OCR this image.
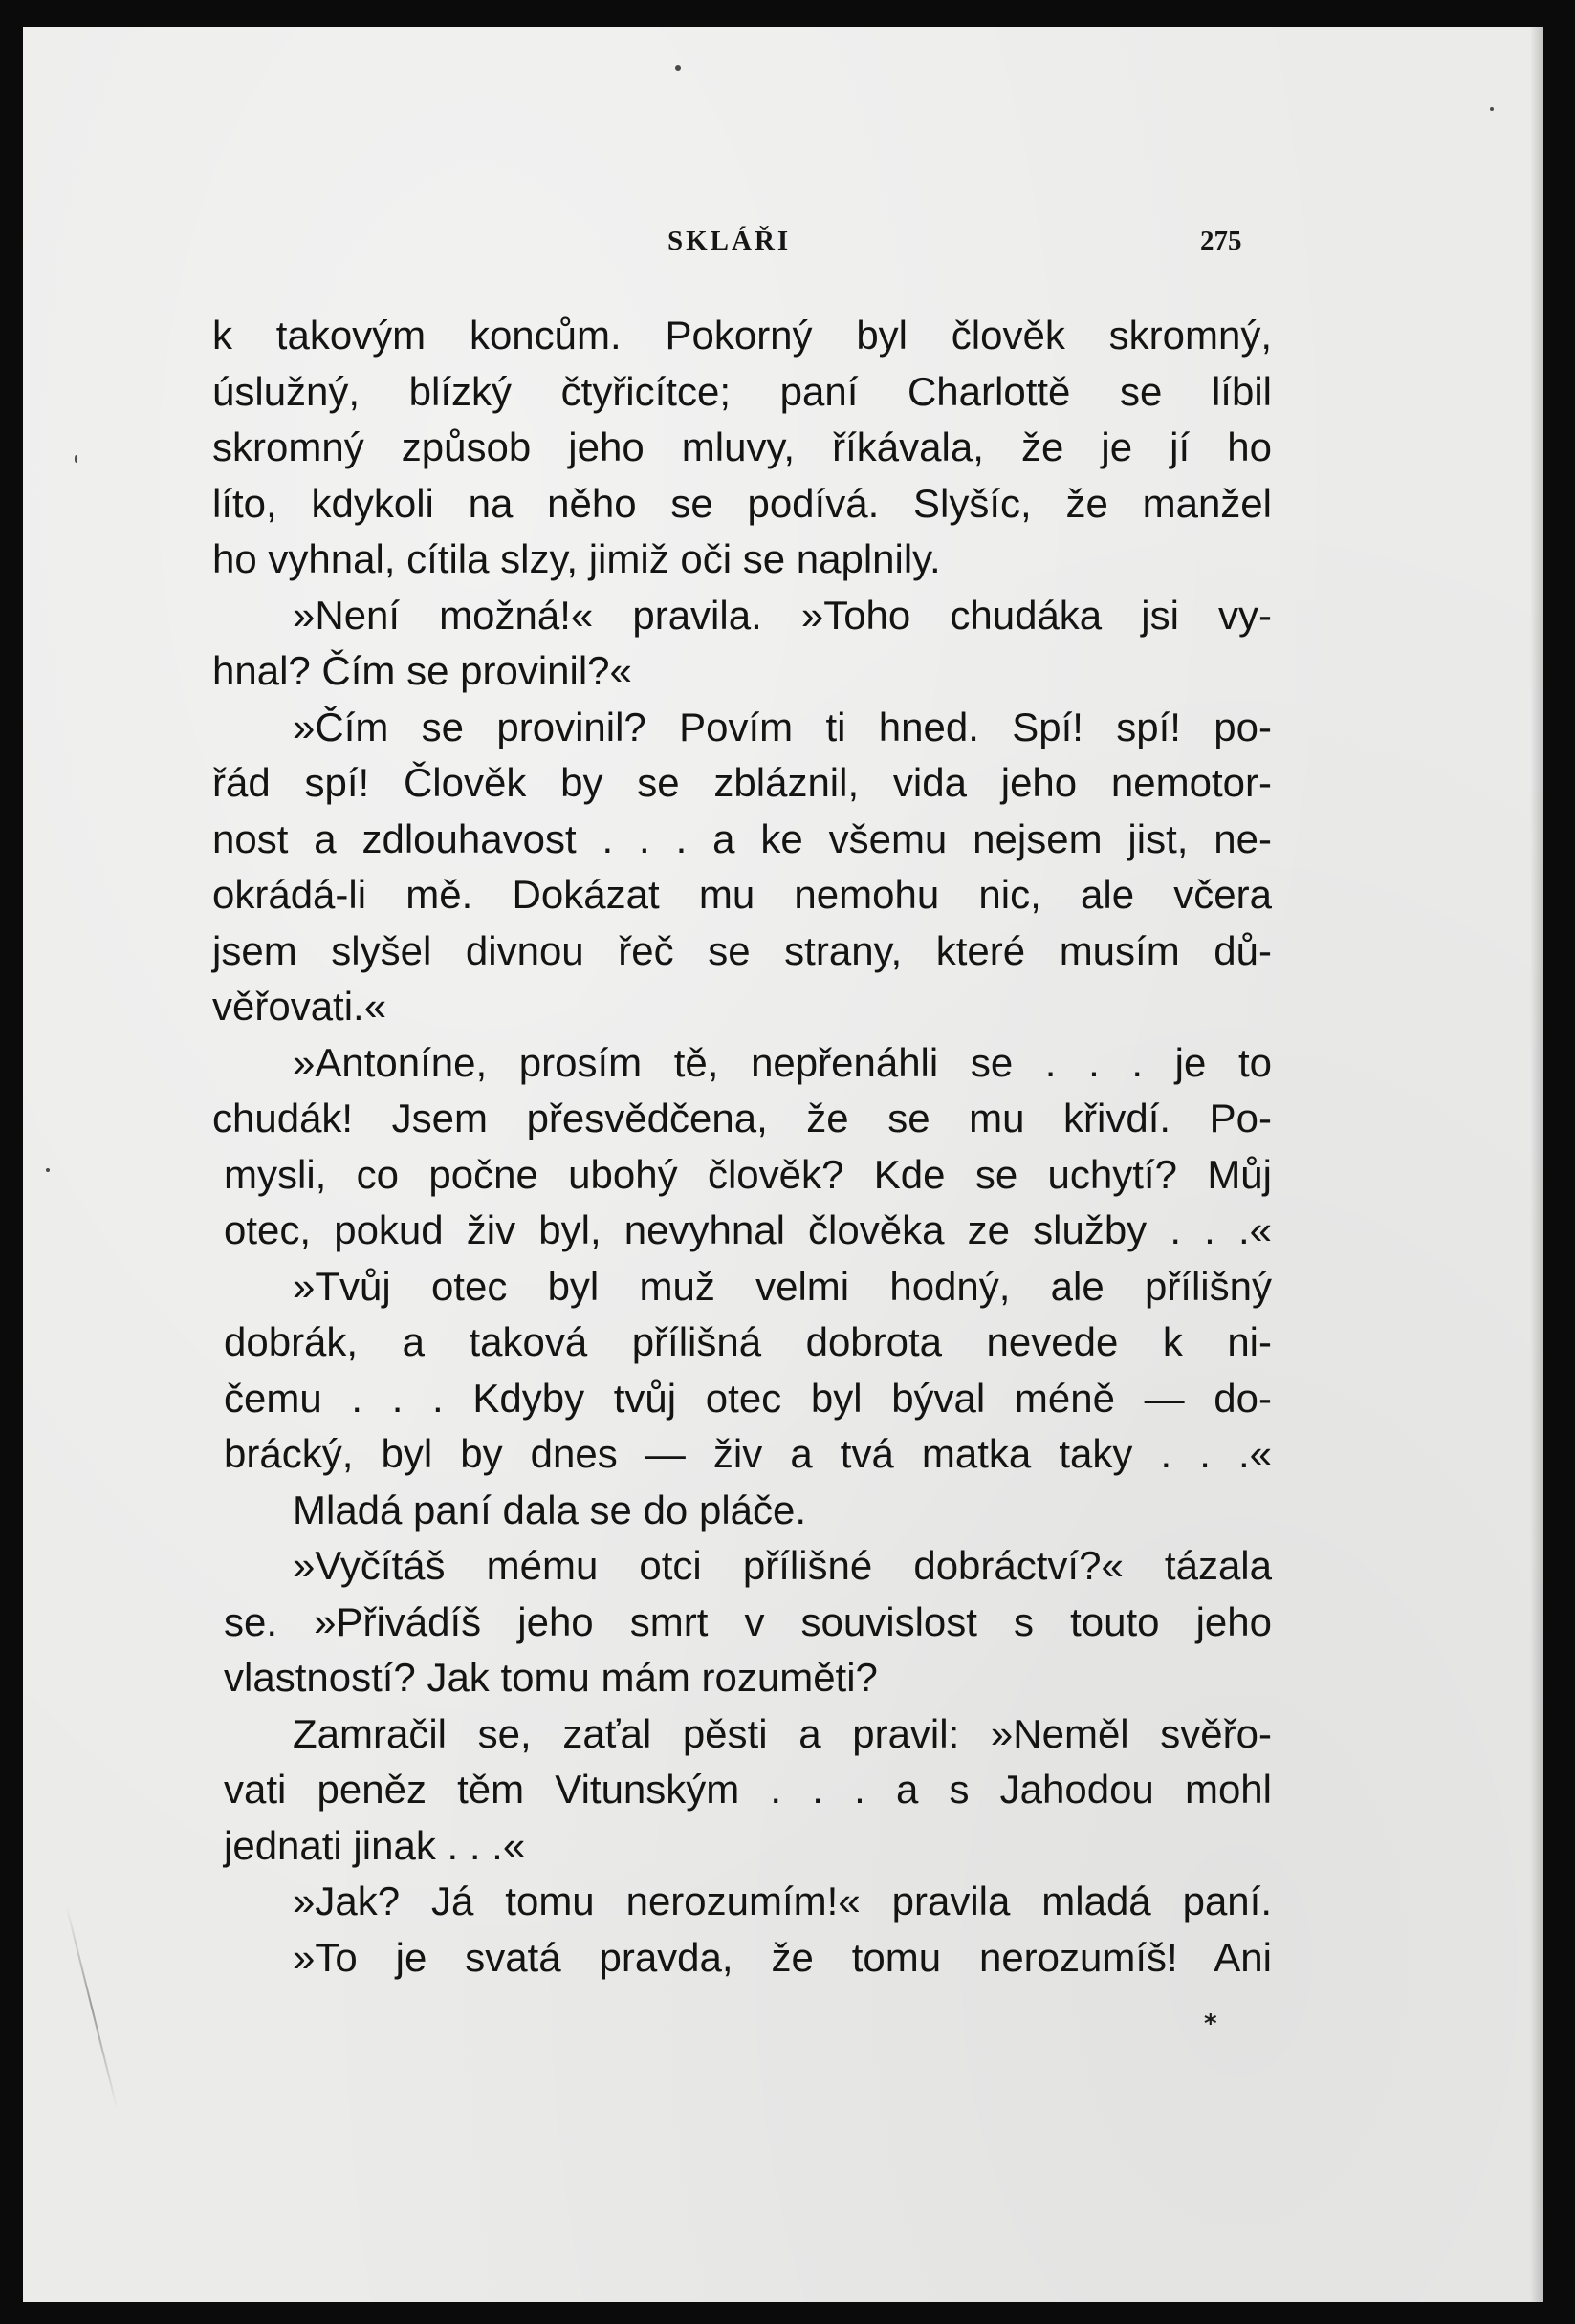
SKLÁŘI	275
k takovým koncům. Pokorný byl člověk skromný,
úslužný, blízký čtyřicítce; paní Charlottě se líbil
skromný způsob jeho mluvy, říkávala, že je jí ho
líto, kdykoli na něho se podívá. Slyšíc, že manžel
ho vyhnal, cítila slzy, jimiž oči se naplnily.
»Není možná!« pravila. »Toho chudáka jsi vy-
hnal? Čím se provinil?«
»Čím se provinil? Povím ti hned. Spí! spí! po-
řád spí! Člověk by se zbláznil, vida jeho nemotor-
nost a zdlouhavost . . . a ke všemu nejsem jist, ne-
okrádá-li mě. Dokázat mu nemohu nic, ale včera
jsem slyšel divnou řeč se strany, které musím dů-
věřovati.«
»Antoníne, prosím tě, nepřenáhli se . . . je to
chudák! Jsem přesvědčena, že se mu křivdí. Po-
mysli, co počne ubohý člověk? Kde se uchytí? Můj
otec, pokud živ byl, nevyhnal člověka ze služby . . .«
»Tvůj otec byl muž velmi hodný, ale přílišný
dobrák, a taková přílišná dobrota nevede k ni-
čemu . . . Kdyby tvůj otec byl býval méně — do-
brácký, byl by dnes — živ a tvá matka taky . . .«
Mladá paní dala se do pláče.
»Vyčítáš mému otci přílišné dobráctví?« tázala
se. »Přivádíš jeho smrt v souvislost s touto jeho
vlastností? Jak tomu mám rozuměti?
Zamračil se, zaťal pěsti a pravil: »Neměl svěřo-
vati peněz těm Vitunským . . . a s Jahodou mohl
jednati jinak . . .«
»Jak? Já tomu nerozumím!« pravila mladá paní.
»To je svatá pravda, že tomu nerozumíš! Ani
*
